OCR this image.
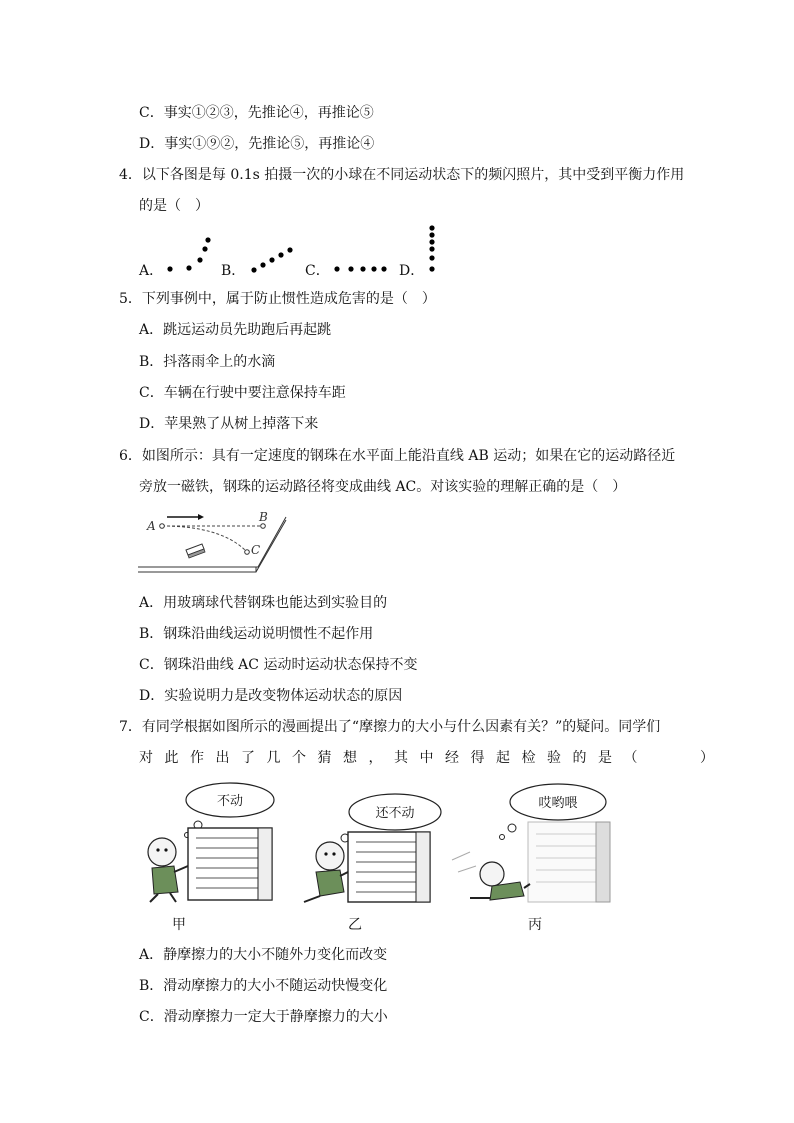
C．事实①②③，先推论④，再推论⑤
D．事实①⑨②，先推论⑤，再推论④
4．以下各图是每 0.1s 拍摄一次的小球在不同运动状态下的频闪照片，其中受到平衡力作用
的是（　）
A．	B．	C．	D．
5．下列事例中，属于防止惯性造成危害的是（　）
A．跳远运动员先助跑后再起跳
B．抖落雨伞上的水滴
C．车辆在行驶中要注意保持车距
D．苹果熟了从树上掉落下来
6．如图所示：具有一定速度的钢珠在水平面上能沿直线 AB 运动；如果在它的运动路径近
旁放一磁铁，钢珠的运动路径将变成曲线 AC。对该实验的理解正确的是（　）
A
B
C
A．用玻璃球代替钢珠也能达到实验目的
B．钢珠沿曲线运动说明惯性不起作用
C．钢珠沿曲线 AC 运动时运动状态保持不变
D．实验说明力是改变物体运动状态的原因
7．有同学根据如图所示的漫画提出了“摩擦力的大小与什么因素有关？”的疑问。同学们
对此作出了几个猜想，其中经得起检验的是（　　）
不动
还不动
哎哟喂
甲	乙	丙
A．静摩擦力的大小不随外力变化而改变
B．滑动摩擦力的大小不随运动快慢变化
C．滑动摩擦力一定大于静摩擦力的大小
